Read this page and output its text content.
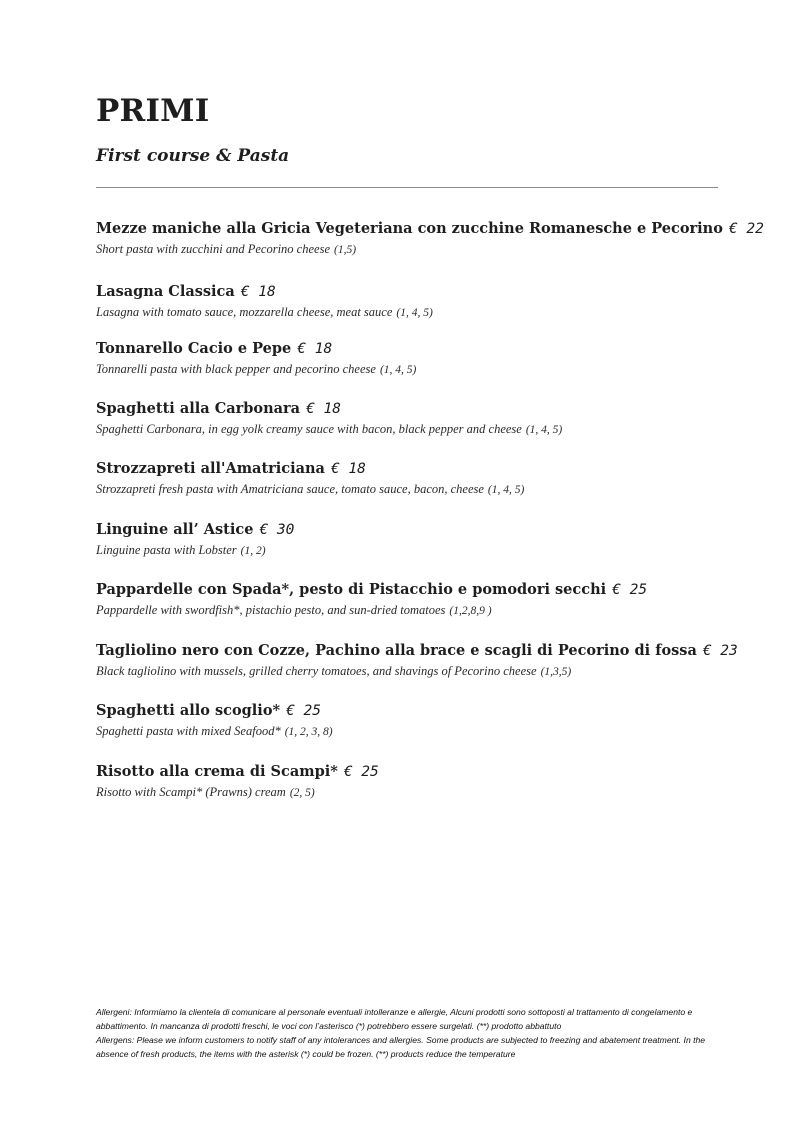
PRIMI
First course & Pasta
Mezze maniche alla Gricia Vegeteriana con zucchine Romanesche e Pecorino € 22
Short pasta with zucchini and Pecorino cheese (1,5)
Lasagna Classica € 18
Lasagna with tomato sauce, mozzarella cheese, meat sauce (1, 4, 5)
Tonnarello Cacio e Pepe € 18
Tonnarelli pasta with black pepper and pecorino cheese (1, 4, 5)
Spaghetti alla Carbonara € 18
Spaghetti Carbonara, in egg yolk creamy sauce with bacon, black pepper and cheese (1, 4, 5)
Strozzapreti all'Amatriciana € 18
Strozzapreti fresh pasta with Amatriciana sauce, tomato sauce, bacon, cheese (1, 4, 5)
Linguine all’ Astice € 30
Linguine pasta with Lobster (1, 2)
Pappardelle con Spada*, pesto di Pistacchio e pomodori secchi € 25
Pappardelle with swordfish*, pistachio pesto, and sun-dried tomatoes (1,2,8,9 )
Tagliolino nero con Cozze, Pachino alla brace e scagli di Pecorino di fossa € 23
Black tagliolino with mussels, grilled cherry tomatoes, and shavings of Pecorino cheese (1,3,5)
Spaghetti allo scoglio* € 25
Spaghetti pasta with mixed Seafood* (1, 2, 3, 8)
Risotto alla crema di Scampi* € 25
Risotto with Scampi* (Prawns) cream (2, 5)

Allergeni: Informiamo la clientela di comunicare al personale eventuali intolleranze e allergie, Alcuni prodotti sono sottoposti al trattamento di congelamento e abbattimento. In mancanza di prodotti freschi, le voci con l’asterisco (*) potrebbero essere surgelati. (**) prodotto abbattuto

Allergens: Please we inform customers to notify staff of any intolerances and allergies. Some products are subjected to freezing and abatement treatment. In the absence of fresh products, the items with the asterisk (*) could be frozen. (**) products reduce the temperature
